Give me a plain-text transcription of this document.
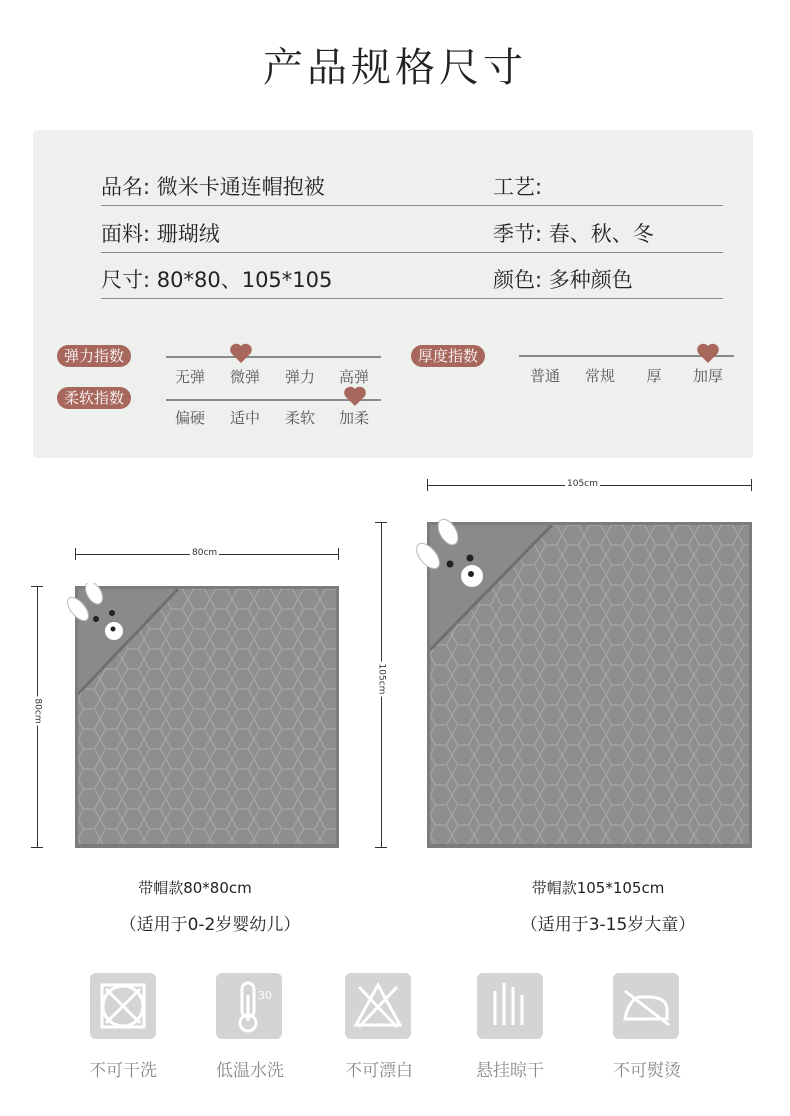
产品规格尺寸
品名: 微米卡通连帽抱被	工艺:
面料: 珊瑚绒	季节: 春、秋、冬
尺寸: 80*80、105*105	颜色: 多种颜色
弹力指数
无弹	微弹	弹力	高弹
柔软指数
偏硬	适中	柔软	加柔
厚度指数
普通	常规	厚	加厚
80cm
80cm
105cm
105cm
带帽款80*80cm
（适用于0-2岁婴幼儿）
带帽款105*105cm
（适用于3-15岁大童）
30
不可干洗	低温水洗	不可漂白	悬挂晾干	不可熨烫
